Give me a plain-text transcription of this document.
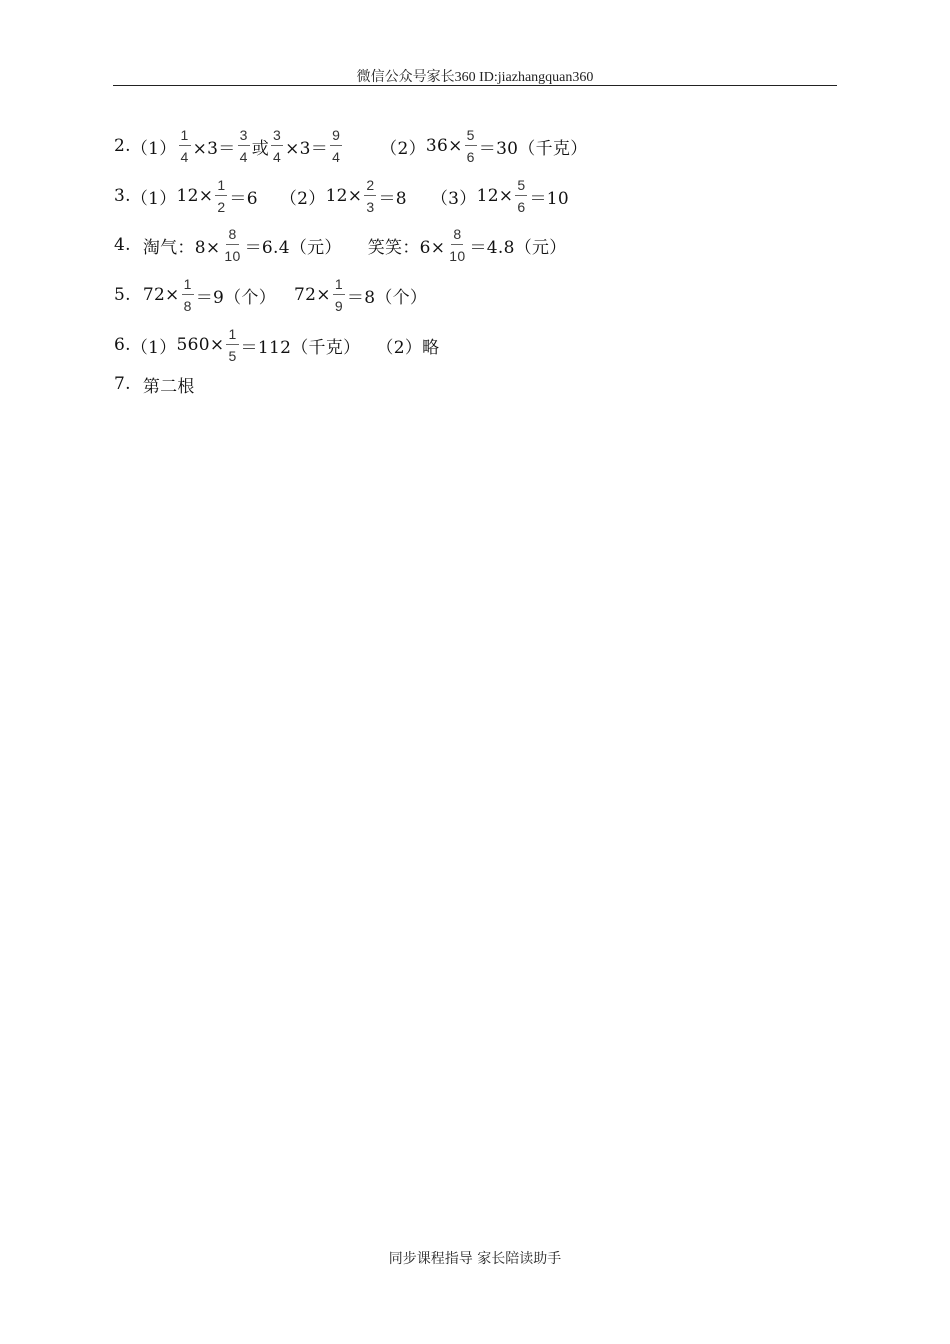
微信公众号家长360 ID:jiazhangquan360
2. $(1) \frac{1}{4} \times 3= \frac{3}{4}$ 或 $\frac{3}{4} \times 3= \frac{9}{4} (2)$ $36\times \frac{5}{6} =30$（千克）
3. （1） $12\times \frac{1}{2} =6$ （2） $12\times \frac{2}{3} =8$ （3） $12\times \frac{5}{6} =10$
4. 淘气：$8\times \frac{8}{10} =6.4$（元） 笑笑：$6\times \frac{8}{10} =4.8$（元）
5. $72\times \frac{1}{8} =9$（个） $72\times \frac{1}{9} =8$（个）
6. （1） $560\times \frac{1}{5} =112$（千克） （2）略
7. 第二根
同步课程指导 家长陪读助手
